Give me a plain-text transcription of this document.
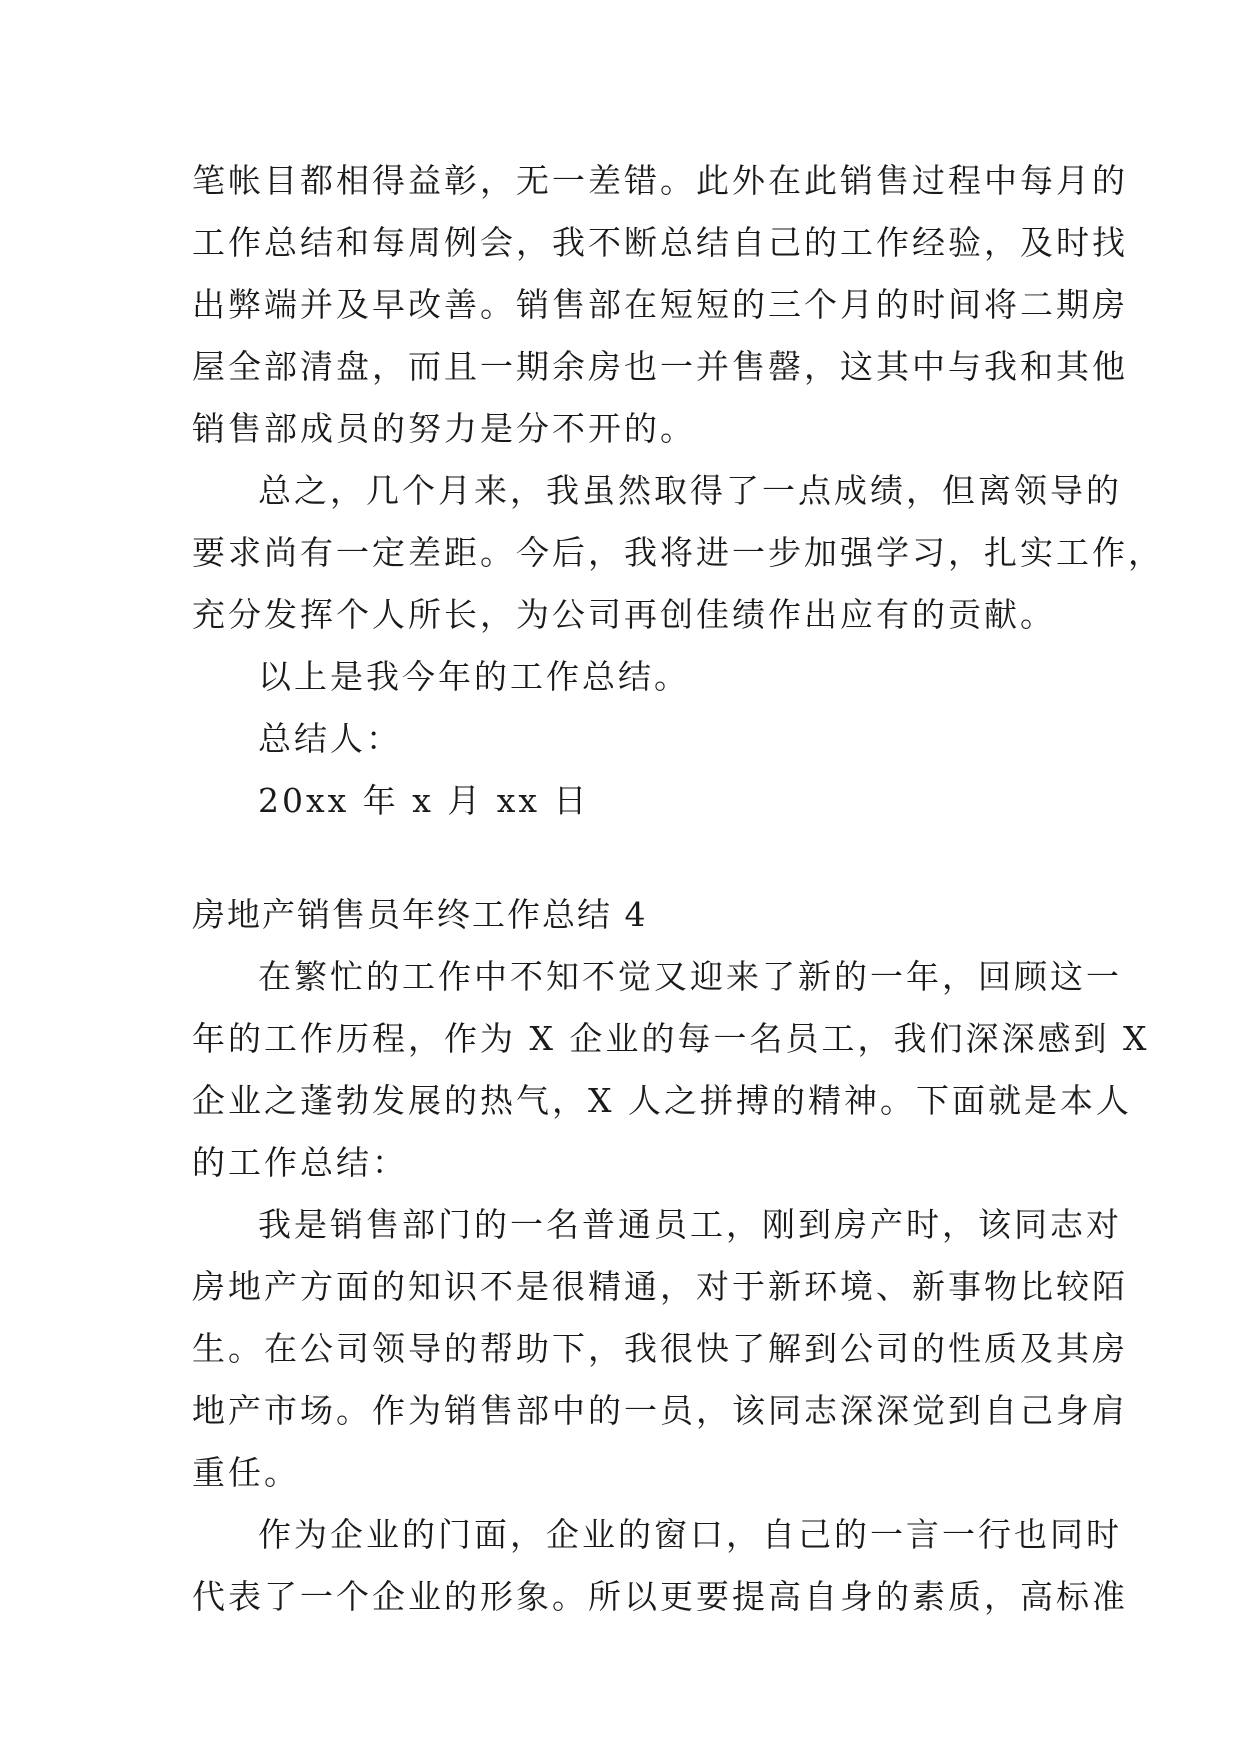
笔帐目都相得益彰，无一差错。此外在此销售过程中每月的
工作总结和每周例会，我不断总结自己的工作经验，及时找
出弊端并及早改善。销售部在短短的三个月的时间将二期房
屋全部清盘，而且一期余房也一并售罄，这其中与我和其他
销售部成员的努力是分不开的。
总之，几个月来，我虽然取得了一点成绩，但离领导的
要求尚有一定差距。今后，我将进一步加强学习，扎实工作，
充分发挥个人所长，为公司再创佳绩作出应有的贡献。
以上是我今年的工作总结。
总结人：
20xx 年 x 月 xx 日
房地产销售员年终工作总结 4
在繁忙的工作中不知不觉又迎来了新的一年，回顾这一
年的工作历程，作为 X 企业的每一名员工，我们深深感到 X
企业之蓬勃发展的热气，X 人之拼搏的精神。下面就是本人
的工作总结：
我是销售部门的一名普通员工，刚到房产时，该同志对
房地产方面的知识不是很精通，对于新环境、新事物比较陌
生。在公司领导的帮助下，我很快了解到公司的性质及其房
地产市场。作为销售部中的一员，该同志深深觉到自己身肩
重任。
作为企业的门面，企业的窗口，自己的一言一行也同时
代表了一个企业的形象。所以更要提高自身的素质，高标准
